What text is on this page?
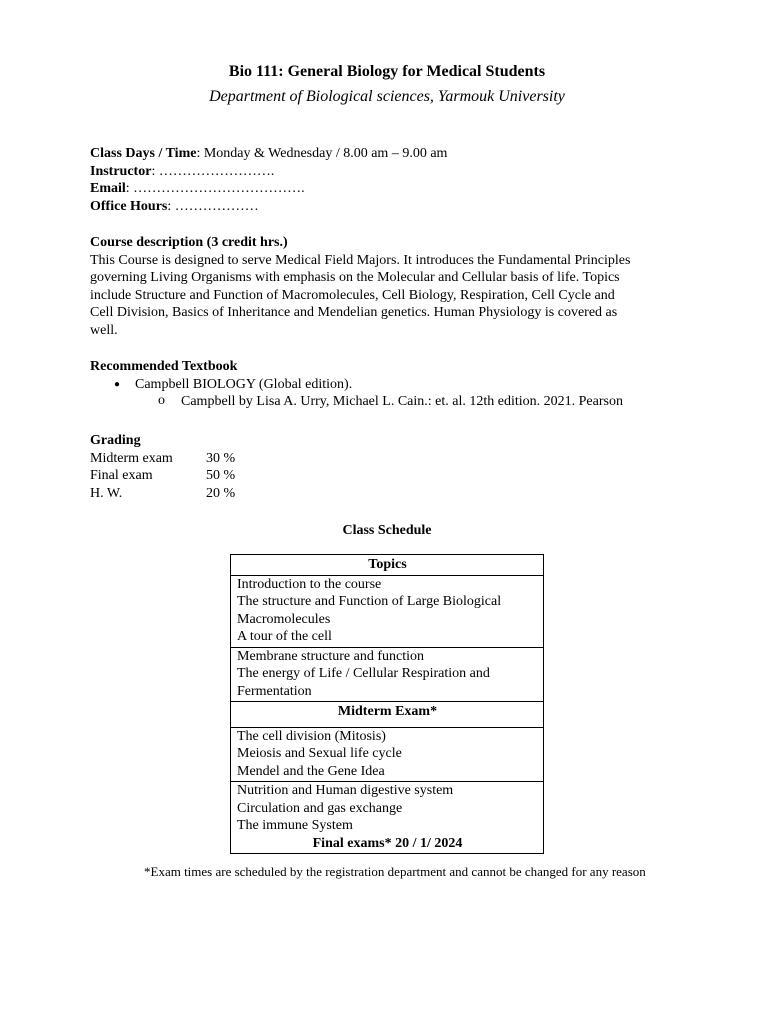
Bio 111: General Biology for Medical Students
Department of Biological sciences, Yarmouk University
Class Days / Time: Monday & Wednesday / 8.00 am – 9.00 am
Instructor: …………………….
Email: ……………………………….
Office Hours: ………………
Course description (3 credit hrs.)
This Course is designed to serve Medical Field Majors. It introduces the Fundamental Principles
governing Living Organisms with emphasis on the Molecular and Cellular basis of life. Topics
include Structure and Function of Macromolecules, Cell Biology, Respiration, Cell Cycle and
Cell Division, Basics of Inheritance and Mendelian genetics. Human Physiology is covered as
well.
Recommended Textbook
● Campbell BIOLOGY (Global edition).
o Campbell by Lisa A. Urry, Michael L. Cain.: et. al. 12th edition. 2021. Pearson
Grading
Midterm exam	30 %
Final exam	50 %
H. W.	20 %
Class Schedule
Topics

Introduction to the course
The structure and Function of Large Biological
Macromolecules
A tour of the cell

Membrane structure and function
The energy of Life / Cellular Respiration and
Fermentation

Midterm Exam*

The cell division (Mitosis)
Meiosis and Sexual life cycle
Mendel and the Gene Idea

Nutrition and Human digestive system
Circulation and gas exchange
The immune System
Final exams* 20 / 1/ 2024
*Exam times are scheduled by the registration department and cannot be changed for any reason
